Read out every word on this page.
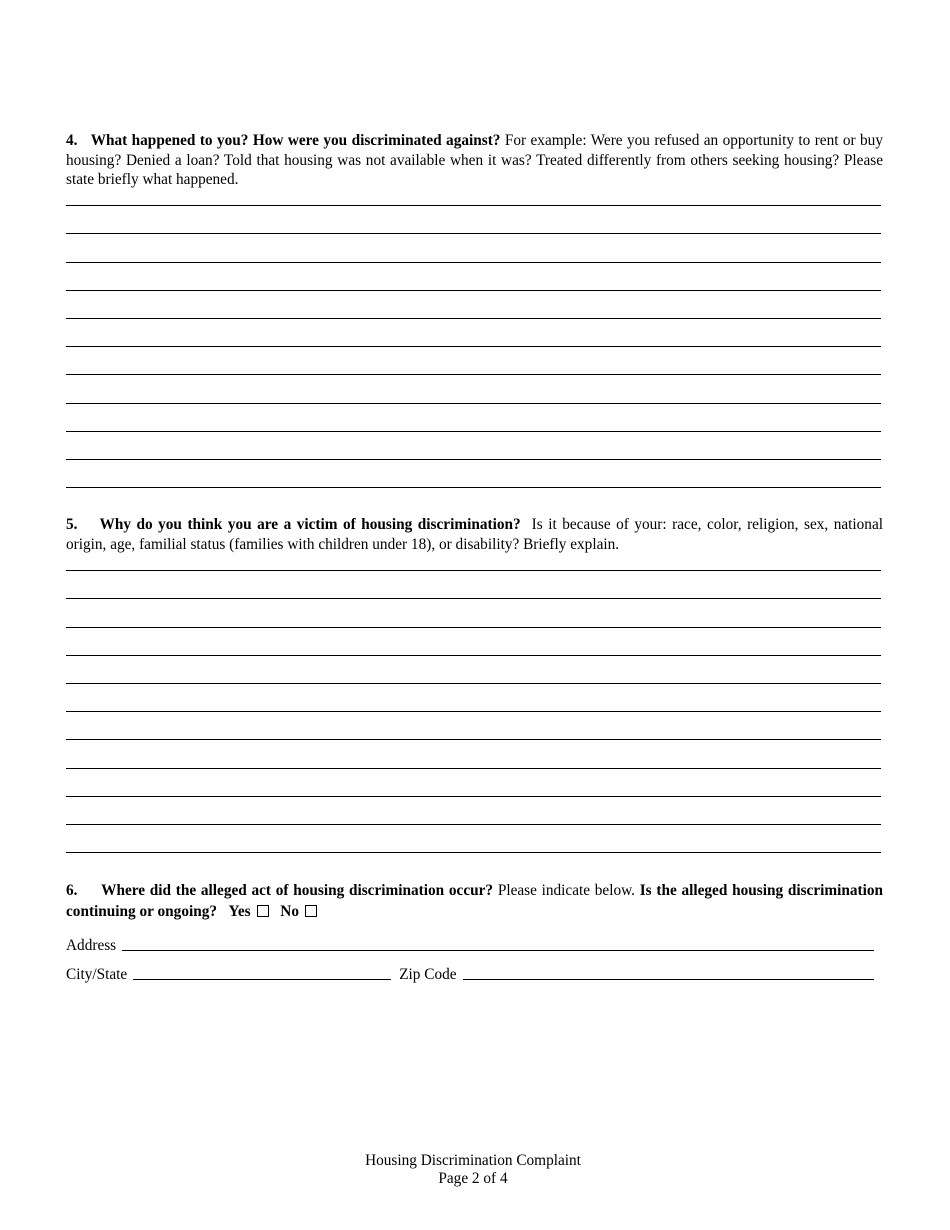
4. What happened to you? How were you discriminated against? For example: Were you refused an opportunity to rent or buy housing? Denied a loan? Told that housing was not available when it was? Treated differently from others seeking housing? Please state briefly what happened.
5. Why do you think you are a victim of housing discrimination? Is it because of your: race, color, religion, sex, national origin, age, familial status (families with children under 18), or disability? Briefly explain.
6. Where did the alleged act of housing discrimination occur? Please indicate below. Is the alleged housing discrimination continuing or ongoing? Yes No
Address
City/State	Zip Code
Housing Discrimination Complaint
Page 2 of 4
